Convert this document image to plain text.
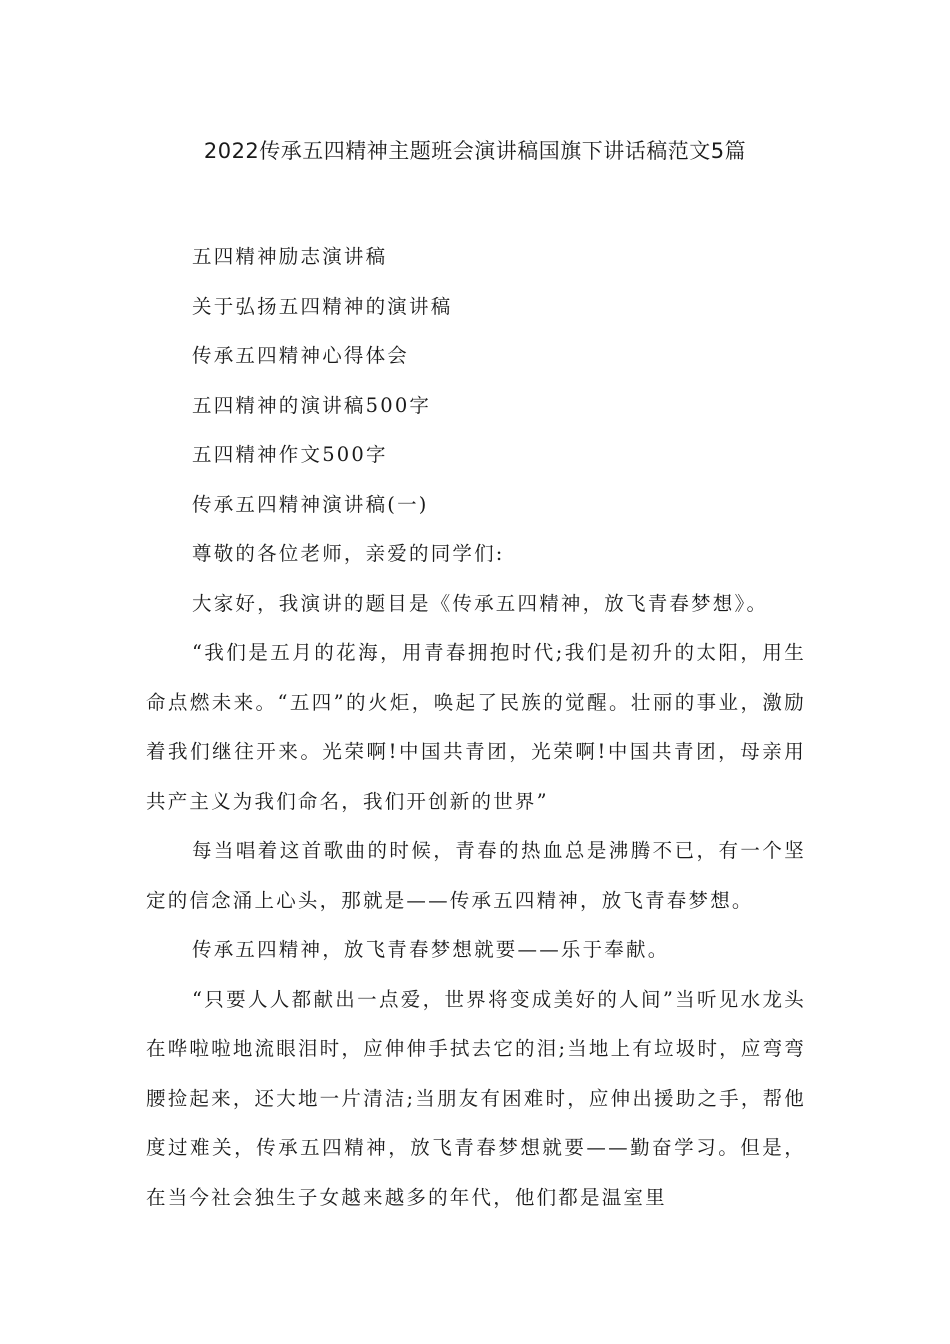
2022传承五四精神主题班会演讲稿国旗下讲话稿范文5篇

五四精神励志演讲稿

关于弘扬五四精神的演讲稿

传承五四精神心得体会

五四精神的演讲稿500字

五四精神作文500字

传承五四精神演讲稿(一)

尊敬的各位老师，亲爱的同学们:

大家好，我演讲的题目是《传承五四精神，放飞青春梦想》。

“我们是五月的花海，用青春拥抱时代;我们是初升的太阳，用生命点燃未来。“五四”的火炬，唤起了民族的觉醒。壮丽的事业，激励着我们继往开来。光荣啊!中国共青团，光荣啊!中国共青团，母亲用共产主义为我们命名，我们开创新的世界”

每当唱着这首歌曲的时候，青春的热血总是沸腾不已，有一个坚定的信念涌上心头，那就是——传承五四精神，放飞青春梦想。

传承五四精神，放飞青春梦想就要——乐于奉献。

“只要人人都献出一点爱，世界将变成美好的人间”当听见水龙头在哗啦啦地流眼泪时，应伸伸手拭去它的泪;当地上有垃圾时，应弯弯腰捡起来，还大地一片清洁;当朋友有困难时，应伸出援助之手，帮他度过难关，传承五四精神，放飞青春梦想就要——勤奋学习。但是，在当今社会独生子女越来越多的年代，他们都是温室里
